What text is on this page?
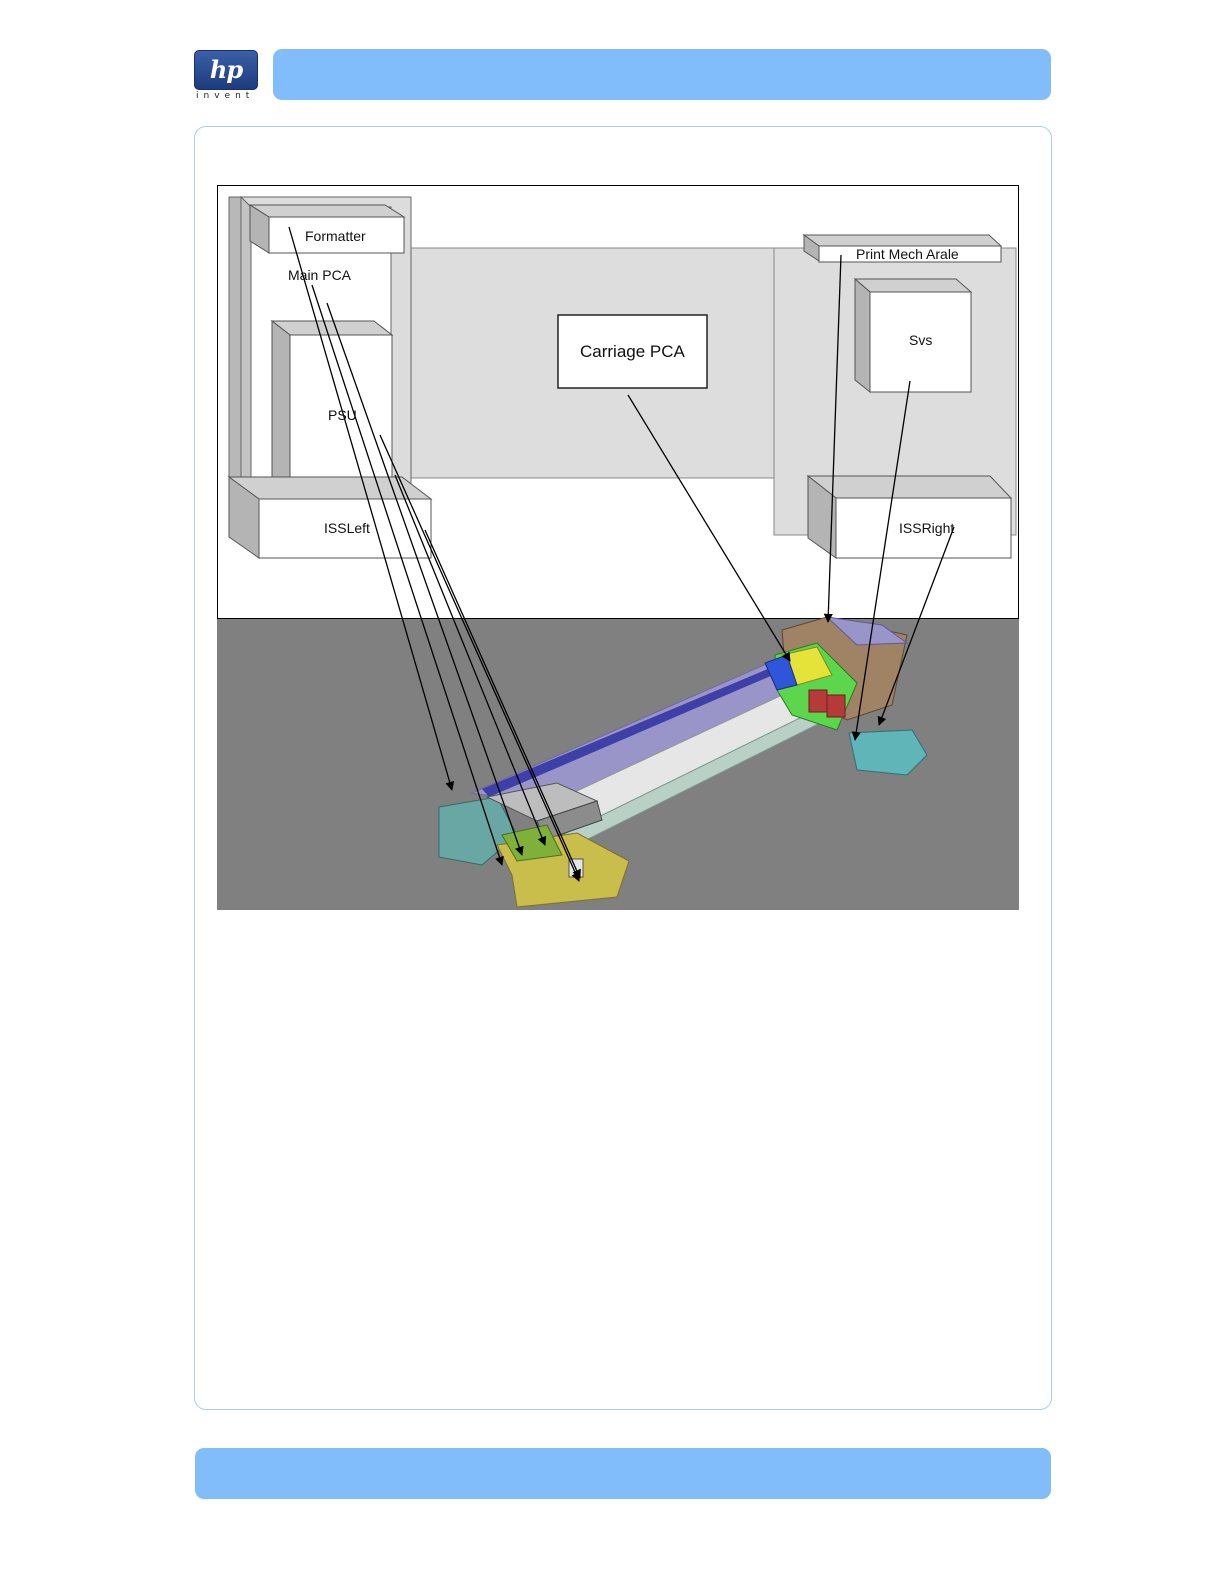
hp
invent
Formatter
Main PCA
PSU
ISSLeft
Carriage PCA
Print Mech Arale
Svs
ISSRight
